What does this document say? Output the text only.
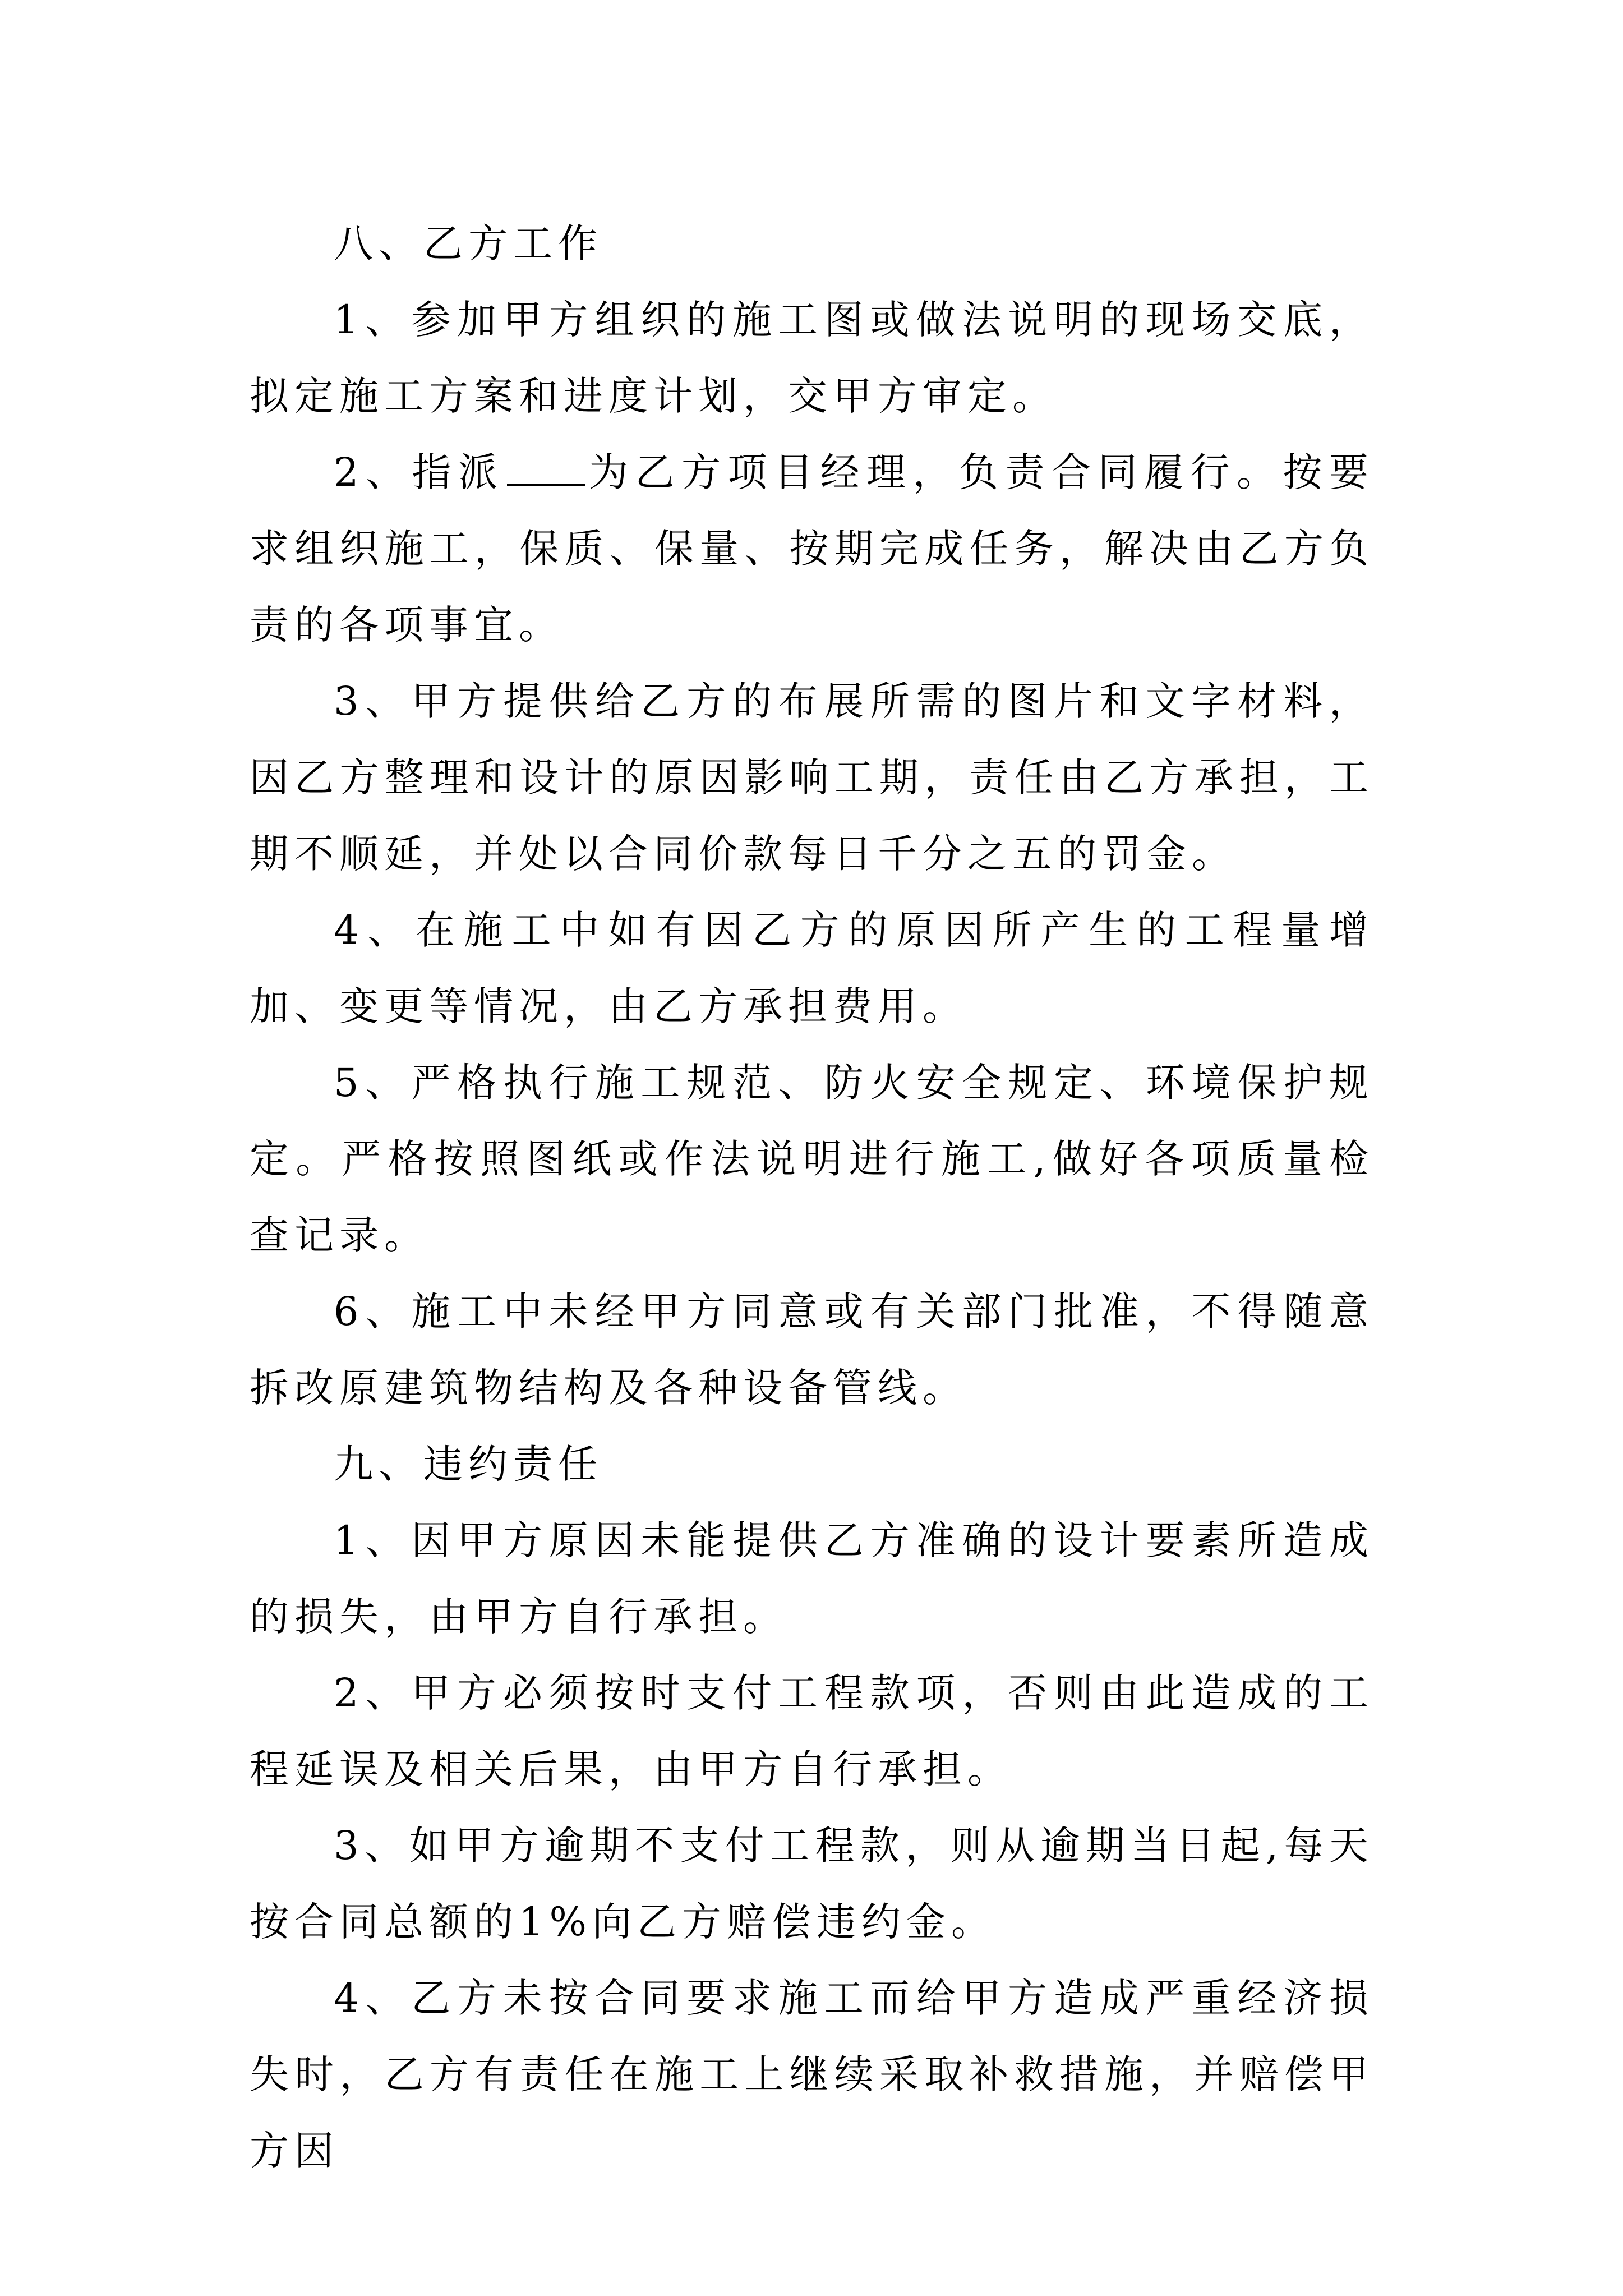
八、乙方工作

1、参加甲方组织的施工图或做法说明的现场交底，拟定施工方案和进度计划，交甲方审定。

2、指派 为乙方项目经理，负责合同履行。按要求组织施工，保质、保量、按期完成任务，解决由乙方负责的各项事宜。

3、甲方提供给乙方的布展所需的图片和文字材料，因乙方整理和设计的原因影响工期，责任由乙方承担，工期不顺延，并处以合同价款每日千分之五的罚金。

4、在施工中如有因乙方的原因所产生的工程量增加、变更等情况，由乙方承担费用。

5、严格执行施工规范、防火安全规定、环境保护规定。严格按照图纸或作法说明进行施工,做好各项质量检查记录。

6、施工中未经甲方同意或有关部门批准，不得随意拆改原建筑物结构及各种设备管线。

九、违约责任

1、因甲方原因未能提供乙方准确的设计要素所造成的损失，由甲方自行承担。

2、甲方必须按时支付工程款项，否则由此造成的工程延误及相关后果，由甲方自行承担。

3、如甲方逾期不支付工程款，则从逾期当日起,每天按合同总额的1%向乙方赔偿违约金。

4、乙方未按合同要求施工而给甲方造成严重经济损失时，乙方有责任在施工上继续采取补救措施，并赔偿甲方因
